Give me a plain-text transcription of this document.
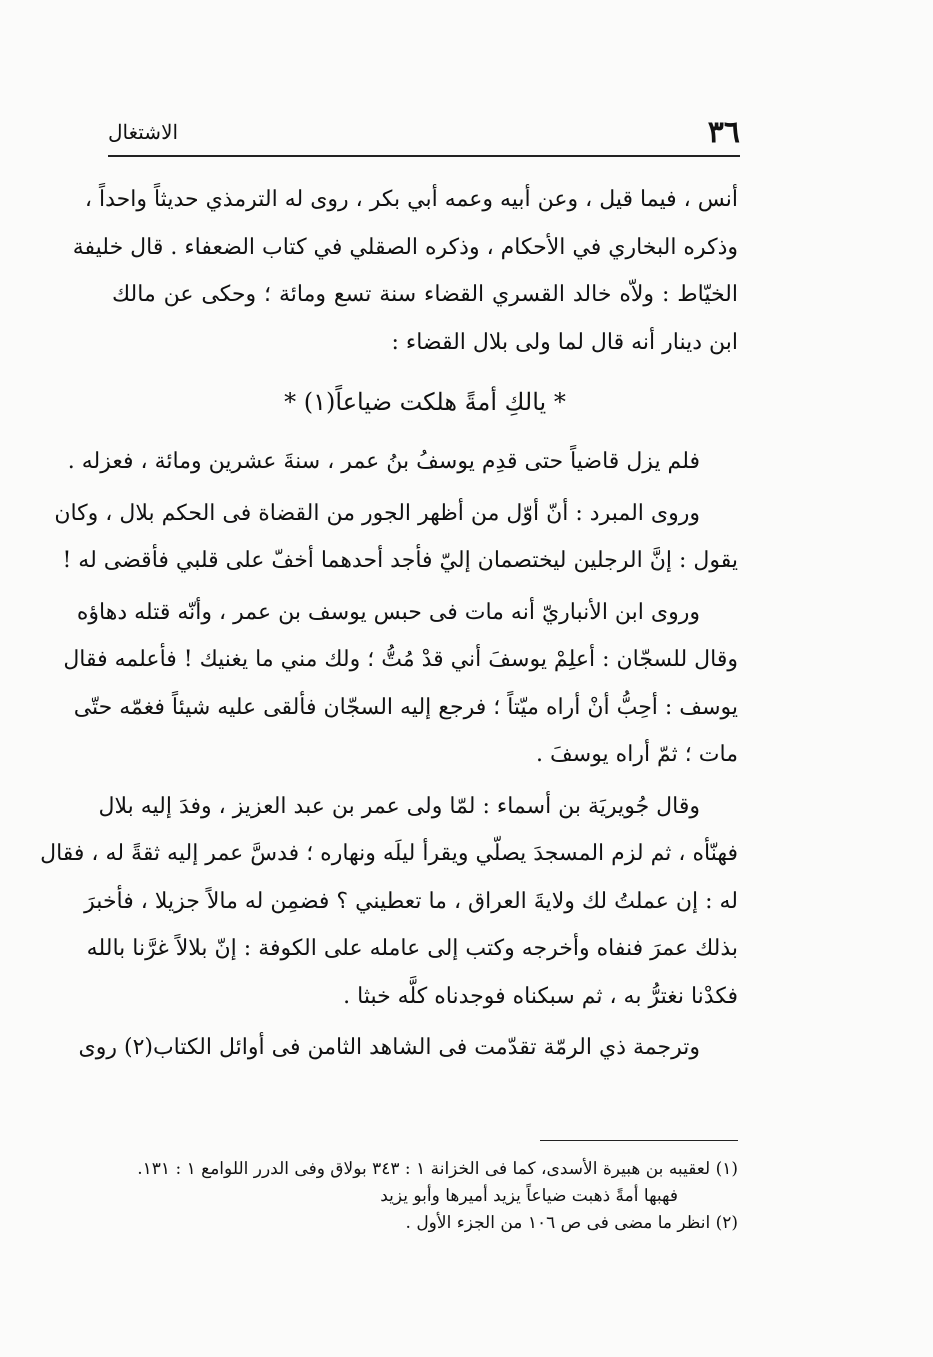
٣٦
الاشتغال

أنس ، فيما قيل ، وعن أبيه وعمه أبي بكر ، روى له الترمذي حديثاً واحداً ،
وذكره البخاري في الأحكام ، وذكره الصقلي في كتاب الضعفاء . قال خليفة
الخيّاط : ولاّه خالد القسري القضاء سنة تسع ومائة ؛ وحكى عن مالك
ابن دينار أنه قال لما ولى بلال القضاء :

* يالكِ أمةً هلكت ضياعاً(١) *

فلم يزل قاضياً حتى قدِم يوسفُ بنُ عمر ، سنةَ عشرين ومائة ، فعزله .

وروى المبرد : أنّ أوّل من أظهر الجور من القضاة فى الحكم بلال ، وكان
يقول : إنَّ الرجلين ليختصمان إليّ فأجد أحدهما أخفّ على قلبي فأقضى له !

وروى ابن الأنباريّ أنه مات فى حبس يوسف بن عمر ، وأنّه قتله دهاؤه
وقال للسجّان : أعلِمْ يوسفَ أني قدْ مُتُّ ؛ ولك مني ما يغنيك ! فأعلمه فقال
يوسف : أحِبُّ أنْ أراه ميّتاً ؛ فرجع إليه السجّان فألقى عليه شيئاً فغمّه حتّى
مات ؛ ثمّ أراه يوسفَ .

وقال جُويريَة بن أسماء : لمّا ولى عمر بن عبد العزيز ، وفدَ إليه بلال
فهنّأه ، ثم لزم المسجدَ يصلّي ويقرأ ليلَه ونهاره ؛ فدسَّ عمر إليه ثقةً له ، فقال
له : إن عملتُ لك ولايةَ العراق ، ما تعطيني ؟ فضمِن له مالاً جزيلا ، فأخبرَ
بذلك عمرَ فنفاه وأخرجه وكتب إلى عامله على الكوفة : إنّ بلالاً غرَّنا بالله
فكدْنا نغترُّ به ، ثم سبكناه فوجدناه كلَّه خبثا .

وترجمة ذي الرمّة تقدّمت فى الشاهد الثامن فى أوائل الكتاب(٢) روى

(١) لعقيبه بن هبيرة الأسدى، كما فى الخزانة ١ : ٣٤٣ بولاق وفى الدرر اللوامع ١ : ١٣١.
فهبها أمةً ذهبت ضياعاً يزيد أميرها وأبو يزيد
(٢) انظر ما مضى فى ص ١٠٦ من الجزء الأول .
